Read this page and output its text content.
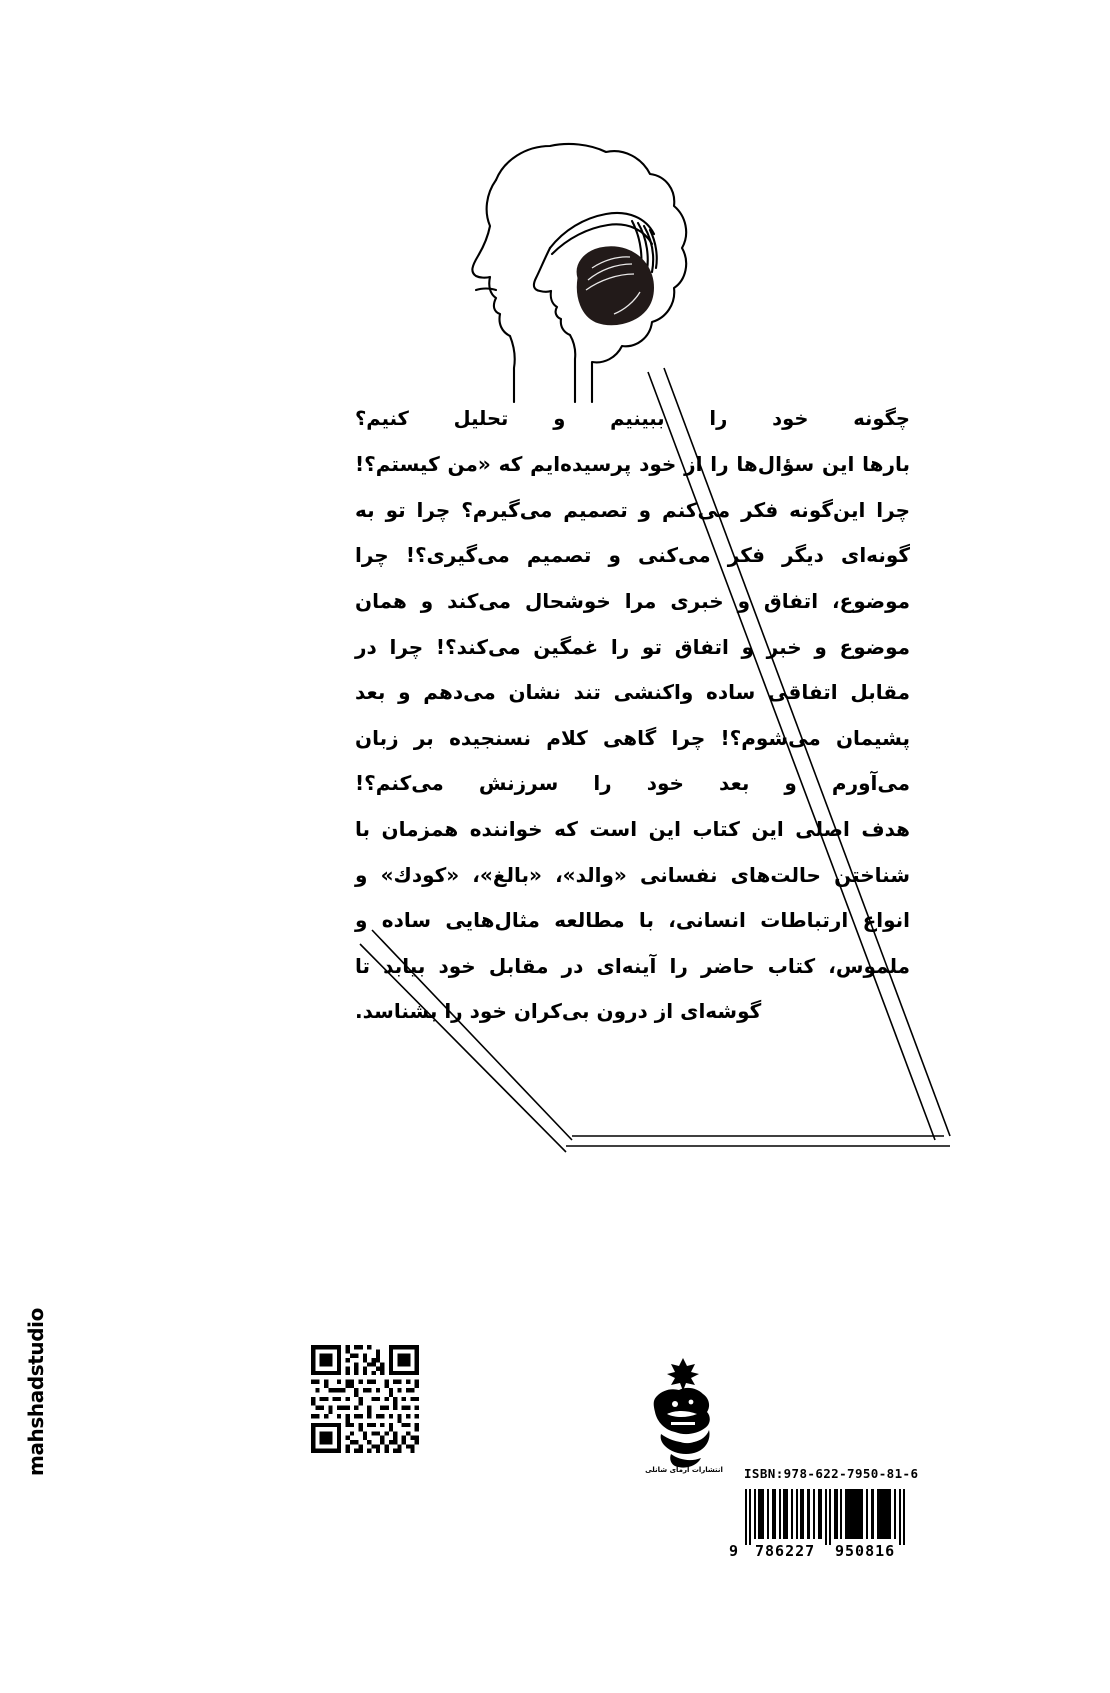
چگونه خود را ببینیم و تحلیل کنیم؟

بارها این سؤال‌ها را از خود پرسیده‌ایم که «من کیستم؟!‌ چرا این‌گونه فکر می‌کنم و تصمیم می‌گیرم؟ چرا تو به گونه‌ای دیگر فکر می‌کنی و تصمیم می‌گیری؟! چرا موضوع، اتفاق و خبری مرا خوشحال می‌کند و همان موضوع و خبر و اتفاق تو را غمگین می‌کند؟! چرا در مقابل اتفاقی ساده واکنشی تند نشان می‌دهم و بعد پشیمان می‌شوم؟! چرا گاهی کلام نسنجیده بر زبان می‌آورم و بعد خود را سرزنش می‌کنم؟!

هدف اصلی این کتاب این است که خواننده همزمان با شناختن حالت‌های نفسانی «والد»، «بالغ»، «کودك» و انواع ارتباطات انسانی، با مطالعه مثال‌هایی ساده و ملموس، کتاب حاضر را آینه‌ای در مقابل خود بیابد تا گوشه‌ای از درون بی‌کران خود را بشناسد.

mahshadstudio	انتشارات آرمای شانلی	ISBN:978-622-7950-81-6
9 786227 950816
